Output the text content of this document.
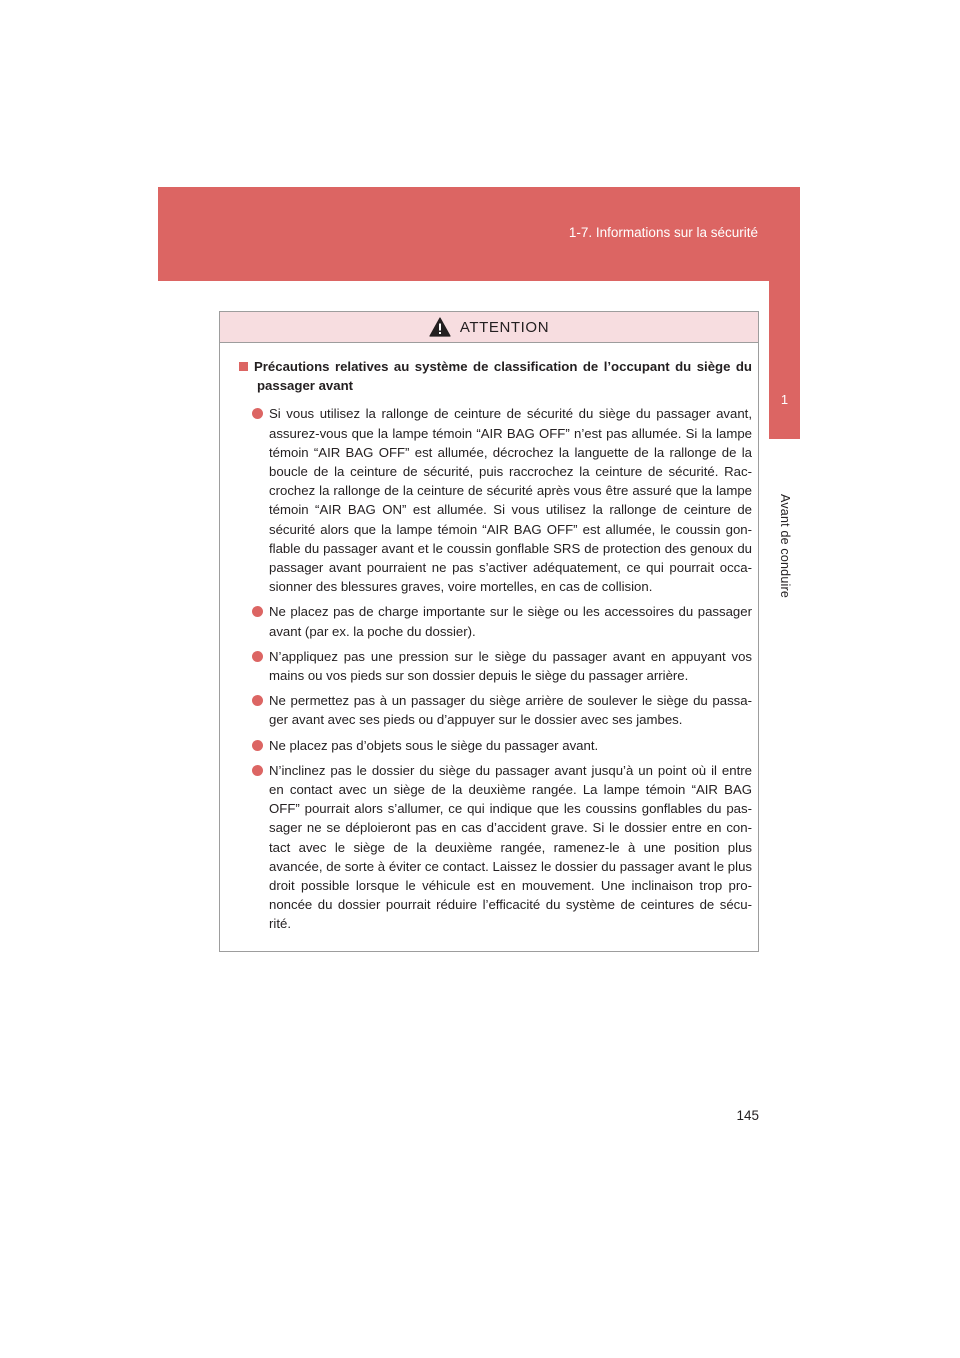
1-7. Informations sur la sécurité
1
Avant de conduire
ATTENTION
Précautions relatives au système de classification de l’occupant du siège du passager avant
Si vous utilisez la rallonge de ceinture de sécurité du siège du passager avant, assurez-vous que la lampe témoin “AIR BAG OFF” n’est pas allumée. Si la lampe témoin “AIR BAG OFF” est allumée, décrochez la languette de la rallonge de la boucle de la ceinture de sécurité, puis raccrochez la ceinture de sécurité. Rac-crochez la rallonge de la ceinture de sécurité après vous être assuré que la lampe témoin “AIR BAG ON” est allumée. Si vous utilisez la rallonge de ceinture de sécurité alors que la lampe témoin “AIR BAG OFF” est allumée, le coussin gon-flable du passager avant et le coussin gonflable SRS de protection des genoux du passager avant pourraient ne pas s’activer adéquatement, ce qui pourrait occa-sionner des blessures graves, voire mortelles, en cas de collision.
Ne placez pas de charge importante sur le siège ou les accessoires du passager avant (par ex. la poche du dossier).
N’appliquez pas une pression sur le siège du passager avant en appuyant vos mains ou vos pieds sur son dossier depuis le siège du passager arrière.
Ne permettez pas à un passager du siège arrière de soulever le siège du passa-ger avant avec ses pieds ou d’appuyer sur le dossier avec ses jambes.
Ne placez pas d’objets sous le siège du passager avant.
N’inclinez pas le dossier du siège du passager avant jusqu’à un point où il entre en contact avec un siège de la deuxième rangée. La lampe témoin “AIR BAG OFF” pourrait alors s’allumer, ce qui indique que les coussins gonflables du pas-sager ne se déploieront pas en cas d’accident grave. Si le dossier entre en con-tact avec le siège de la deuxième rangée, ramenez-le à une position plus avancée, de sorte à éviter ce contact. Laissez le dossier du passager avant le plus droit possible lorsque le véhicule est en mouvement. Une inclinaison trop pro-noncée du dossier pourrait réduire l’efficacité du système de ceintures de sécu-rité.
145
